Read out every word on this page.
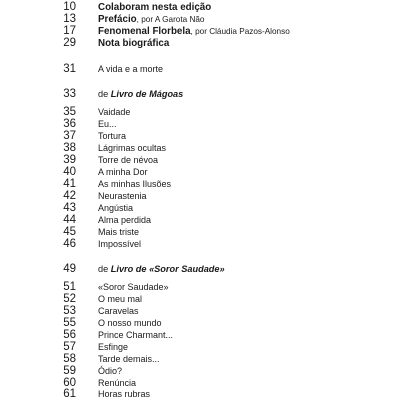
10 Colaboram nesta edição
13 Prefácio, por A Garota Não
17 Fenomenal Florbela, por Cláudia Pazos-Alonso
29 Nota biográfica
31 A vida e a morte
33 de Livro de Mágoas
35 Vaidade
36 Eu...
37 Tortura
38 Lágrimas ocultas
39 Torre de névoa
40 A minha Dor
41 As minhas Ilusões
42 Neurastenia
43 Angústia
44 Alma perdida
45 Mais triste
46 Impossível
49 de Livro de «Soror Saudade»
51 «Soror Saudade»
52 O meu mal
53 Caravelas
55 O nosso mundo
56 Prince Charmant...
57 Esfinge
58 Tarde demais...
59 Ódio?
60 Renúncia
61 Horas rubras
